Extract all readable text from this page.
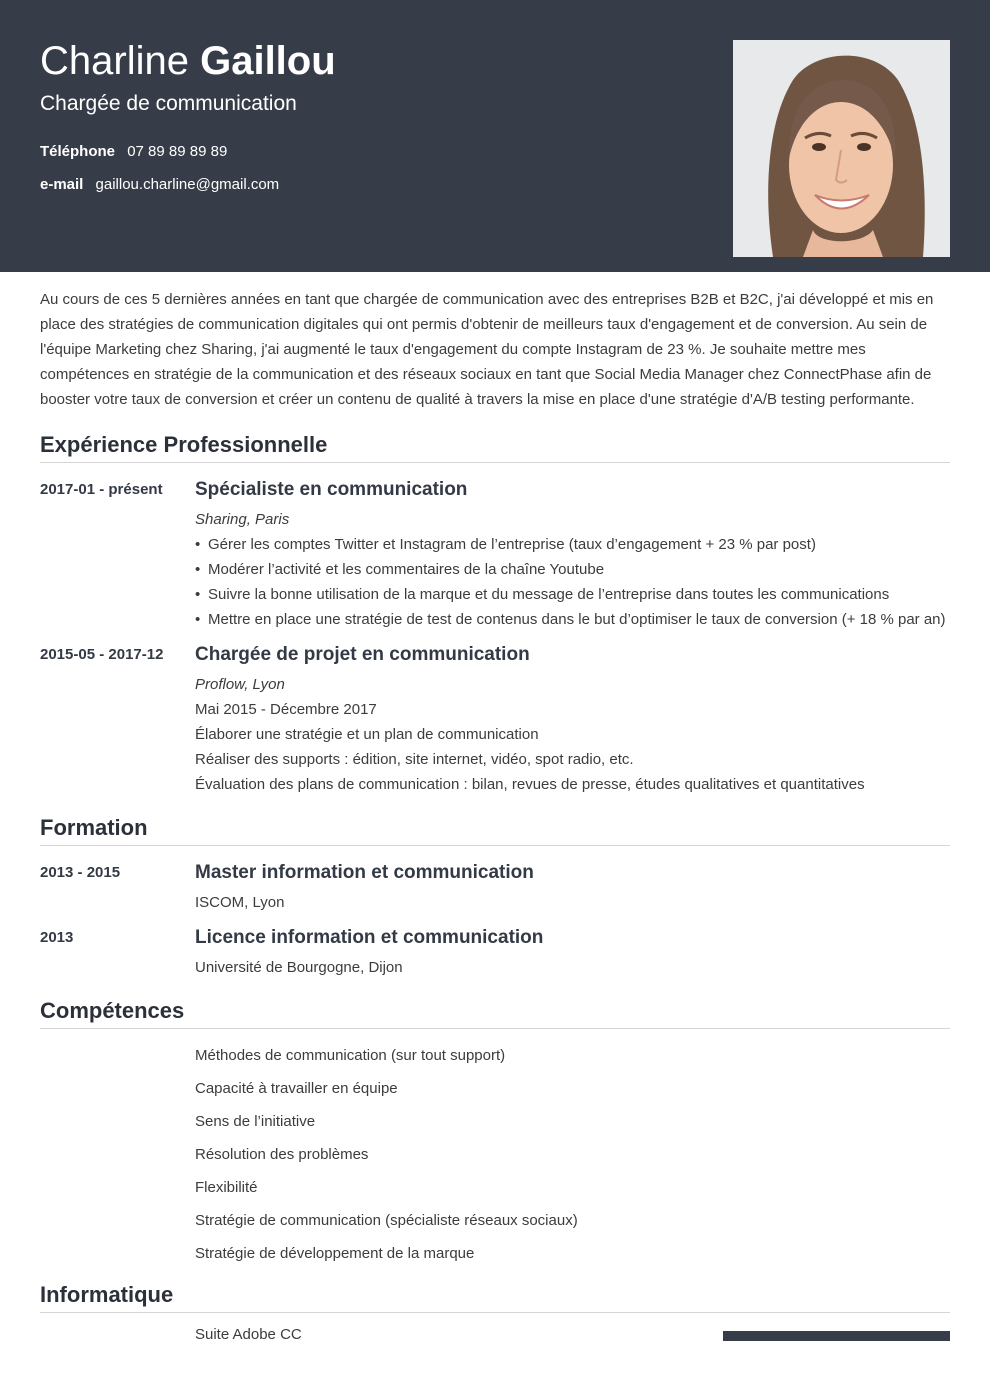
Charline Gaillou
Chargée de communication
Téléphone 07 89 89 89 89
e-mail gaillou.charline@gmail.com

Au cours de ces 5 dernières années en tant que chargée de communication avec des entreprises B2B et B2C, j'ai développé et mis en place des stratégies de communication digitales qui ont permis d'obtenir de meilleurs taux d'engagement et de conversion. Au sein de l'équipe Marketing chez Sharing, j'ai augmenté le taux d'engagement du compte Instagram de 23 %. Je souhaite mettre mes compétences en stratégie de la communication et des réseaux sociaux en tant que Social Media Manager chez ConnectPhase afin de booster votre taux de conversion et créer un contenu de qualité à travers la mise en place d'une stratégie d'A/B testing performante.

Expérience Professionnelle
2017-01 - présent	Spécialiste en communication
Sharing, Paris
• Gérer les comptes Twitter et Instagram de l’entreprise (taux d’engagement + 23 % par post)
• Modérer l’activité et les commentaires de la chaîne Youtube
• Suivre la bonne utilisation de la marque et du message de l’entreprise dans toutes les communications
• Mettre en place une stratégie de test de contenus dans le but d’optimiser le taux de conversion (+ 18 % par an)
2015-05 - 2017-12	Chargée de projet en communication
Proflow, Lyon
Mai 2015 - Décembre 2017
Élaborer une stratégie et un plan de communication
Réaliser des supports : édition, site internet, vidéo, spot radio, etc.
Évaluation des plans de communication : bilan, revues de presse, études qualitatives et quantitatives
Formation
2013 - 2015	Master information et communication
ISCOM, Lyon
2013	Licence information et communication
Université de Bourgogne, Dijon
Compétences
Méthodes de communication (sur tout support)
Capacité à travailler en équipe
Sens de l’initiative
Résolution des problèmes
Flexibilité
Stratégie de communication (spécialiste réseaux sociaux)
Stratégie de développement de la marque
Informatique
Suite Adobe CC
